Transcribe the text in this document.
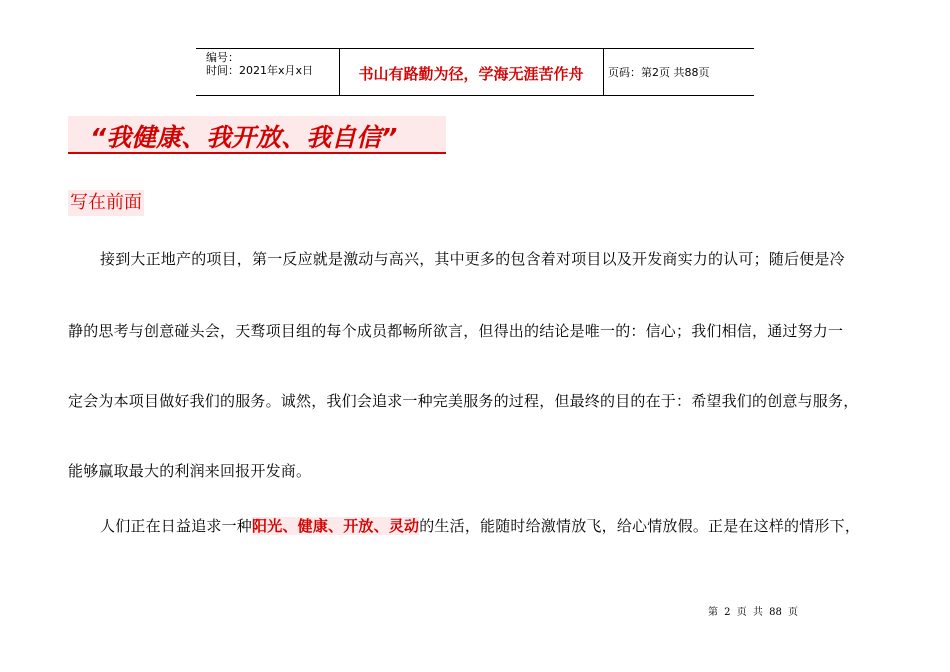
编号：
时间：2021年x月x日	书山有路勤为径，学海无涯苦作舟	页码：第2页 共88页
“我健康、我开放、我自信”
写在前面
接到大正地产的项目，第一反应就是激动与高兴，其中更多的包含着对项目以及开发商实力的认可；随后便是冷
静的思考与创意碰头会，天骛项目组的每个成员都畅所欲言，但得出的结论是唯一的：信心；我们相信，通过努力一
定会为本项目做好我们的服务。诚然，我们会追求一种完美服务的过程，但最终的目的在于：希望我们的创意与服务，
能够赢取最大的利润来回报开发商。
人们正在日益追求一种阳光、健康、开放、灵动的生活，能随时给激情放飞，给心情放假。正是在这样的情形下，
第 2 页 共 88 页
